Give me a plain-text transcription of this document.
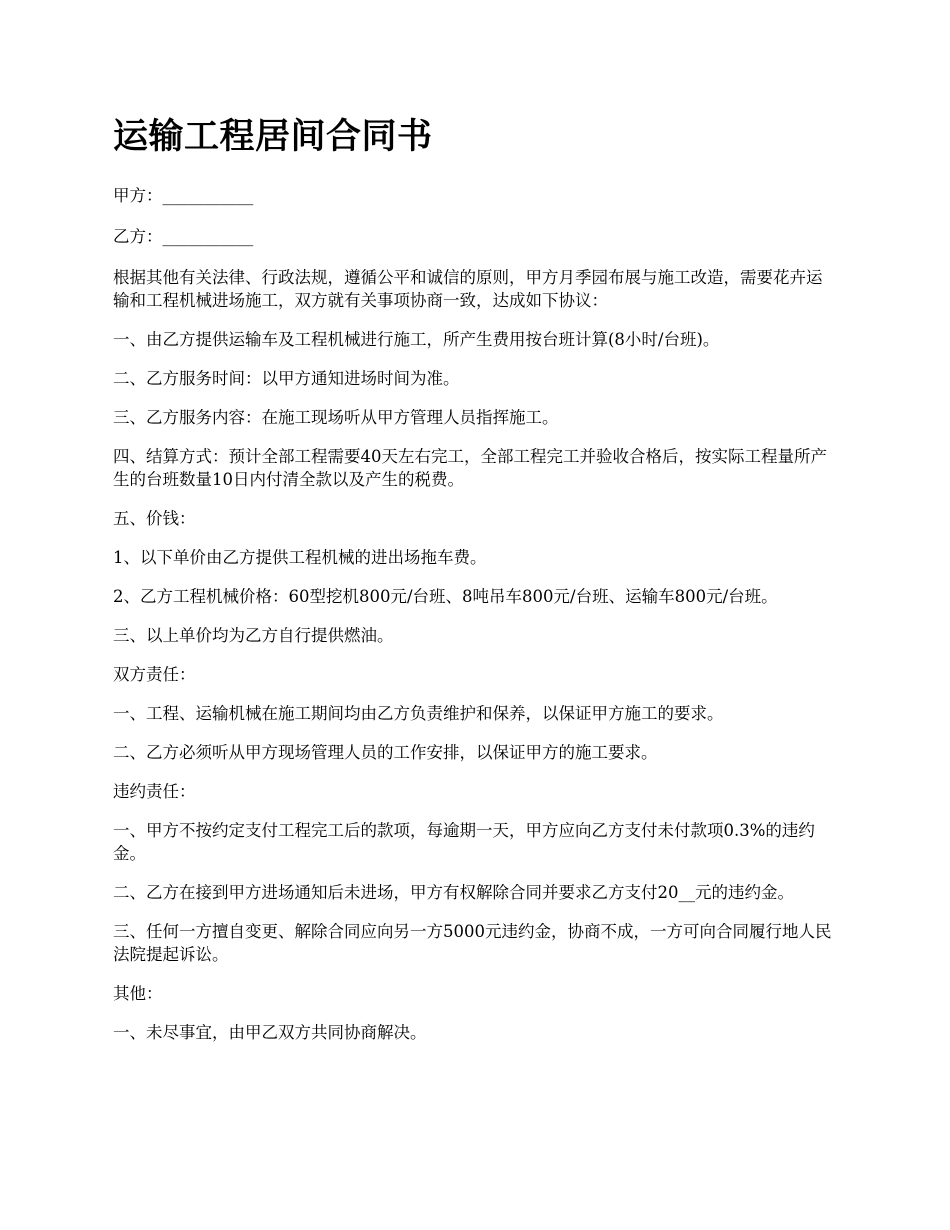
运输工程居间合同书

甲方：___________

乙方：___________

根据其他有关法律、行政法规，遵循公平和诚信的原则，甲方月季园布展与施工改造，需要花卉运输和工程机械进场施工，双方就有关事项协商一致，达成如下协议：

一、由乙方提供运输车及工程机械进行施工，所产生费用按台班计算(8小时/台班)。

二、乙方服务时间：以甲方通知进场时间为准。

三、乙方服务内容：在施工现场听从甲方管理人员指挥施工。

四、结算方式：预计全部工程需要40天左右完工，全部工程完工并验收合格后，按实际工程量所产生的台班数量10日内付清全款以及产生的税费。

五、价钱：

1、以下单价由乙方提供工程机械的进出场拖车费。

2、乙方工程机械价格：60型挖机800元/台班、8吨吊车800元/台班、运输车800元/台班。

三、以上单价均为乙方自行提供燃油。

双方责任：

一、工程、运输机械在施工期间均由乙方负责维护和保养，以保证甲方施工的要求。

二、乙方必须听从甲方现场管理人员的工作安排，以保证甲方的施工要求。

违约责任：

一、甲方不按约定支付工程完工后的款项，每逾期一天，甲方应向乙方支付未付款项0.3%的违约金。

二、乙方在接到甲方进场通知后未进场，甲方有权解除合同并要求乙方支付20__元的违约金。

三、任何一方擅自变更、解除合同应向另一方5000元违约金，协商不成，一方可向合同履行地人民法院提起诉讼。

其他：

一、未尽事宜，由甲乙双方共同协商解决。
